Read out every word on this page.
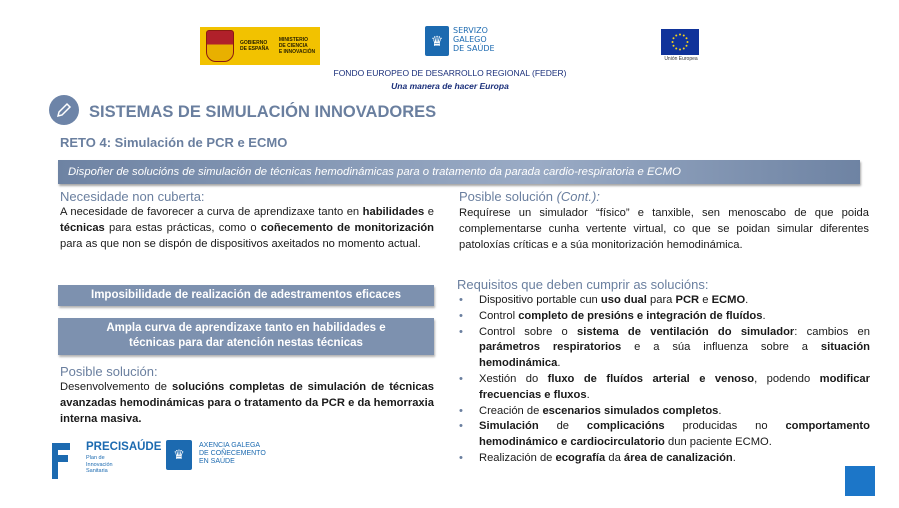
GOBIERNO
DE ESPAÑA
MINISTERIO
DE CIENCIA
E INNOVACIÓN
♛
SERVIZO
GALEGO
DE SAÚDE
Unión Europea
FONDO EUROPEO DE DESARROLLO REGIONAL (FEDER)
Una manera de hacer Europa
SISTEMAS DE SIMULACIÓN INNOVADORES
RETO 4: Simulación de PCR e ECMO
Dispoñer de solucións de simulación de técnicas hemodinámicas para o tratamento da parada cardio-respiratoria e ECMO
Necesidade non cuberta:
A necesidade de favorecer a curva de aprendizaxe tanto en habilidades e técnicas para estas prácticas, como o coñecemento de monitorización para as que non se dispón de dispositivos axeitados no momento actual.
Imposibilidade de realización de adestramentos eficaces
Ampla curva de aprendizaxe tanto en habilidades e
técnicas para dar atención nestas técnicas
Posible solución:
Desenvolvemento de solucións completas de simulación de técnicas avanzadas hemodinámicas para o tratamento da PCR e da hemorraxia interna masiva.
Posible solución (Cont.):
Requírese un simulador “físico” e tanxible, sen menoscabo de que poida complementarse cunha vertente virtual, co que se poidan simular diferentes patoloxías críticas e a súa monitorización hemodinámica.
Requisitos que deben cumprir as solucións:
• Dispositivo portable cun uso dual para PCR e ECMO.
• Control completo de presións e integración de fluídos.
• Control sobre o sistema de ventilación do simulador: cambios en parámetros respiratorios e a súa influenza sobre a situación hemodinámica.
• Xestión do fluxo de fluídos arterial e venoso, podendo modificar frecuencias e fluxos.
• Creación de escenarios simulados completos.
• Simulación de complicacións producidas no comportamento hemodinámico e cardiocirculatorio dun paciente ECMO.
• Realización de ecografía da área de canalización.
PRECISAÚDE
Plan de
Innovación
Sanitaria
♛
AXENCIA GALEGA
DE COÑECEMENTO
EN SAÚDE
